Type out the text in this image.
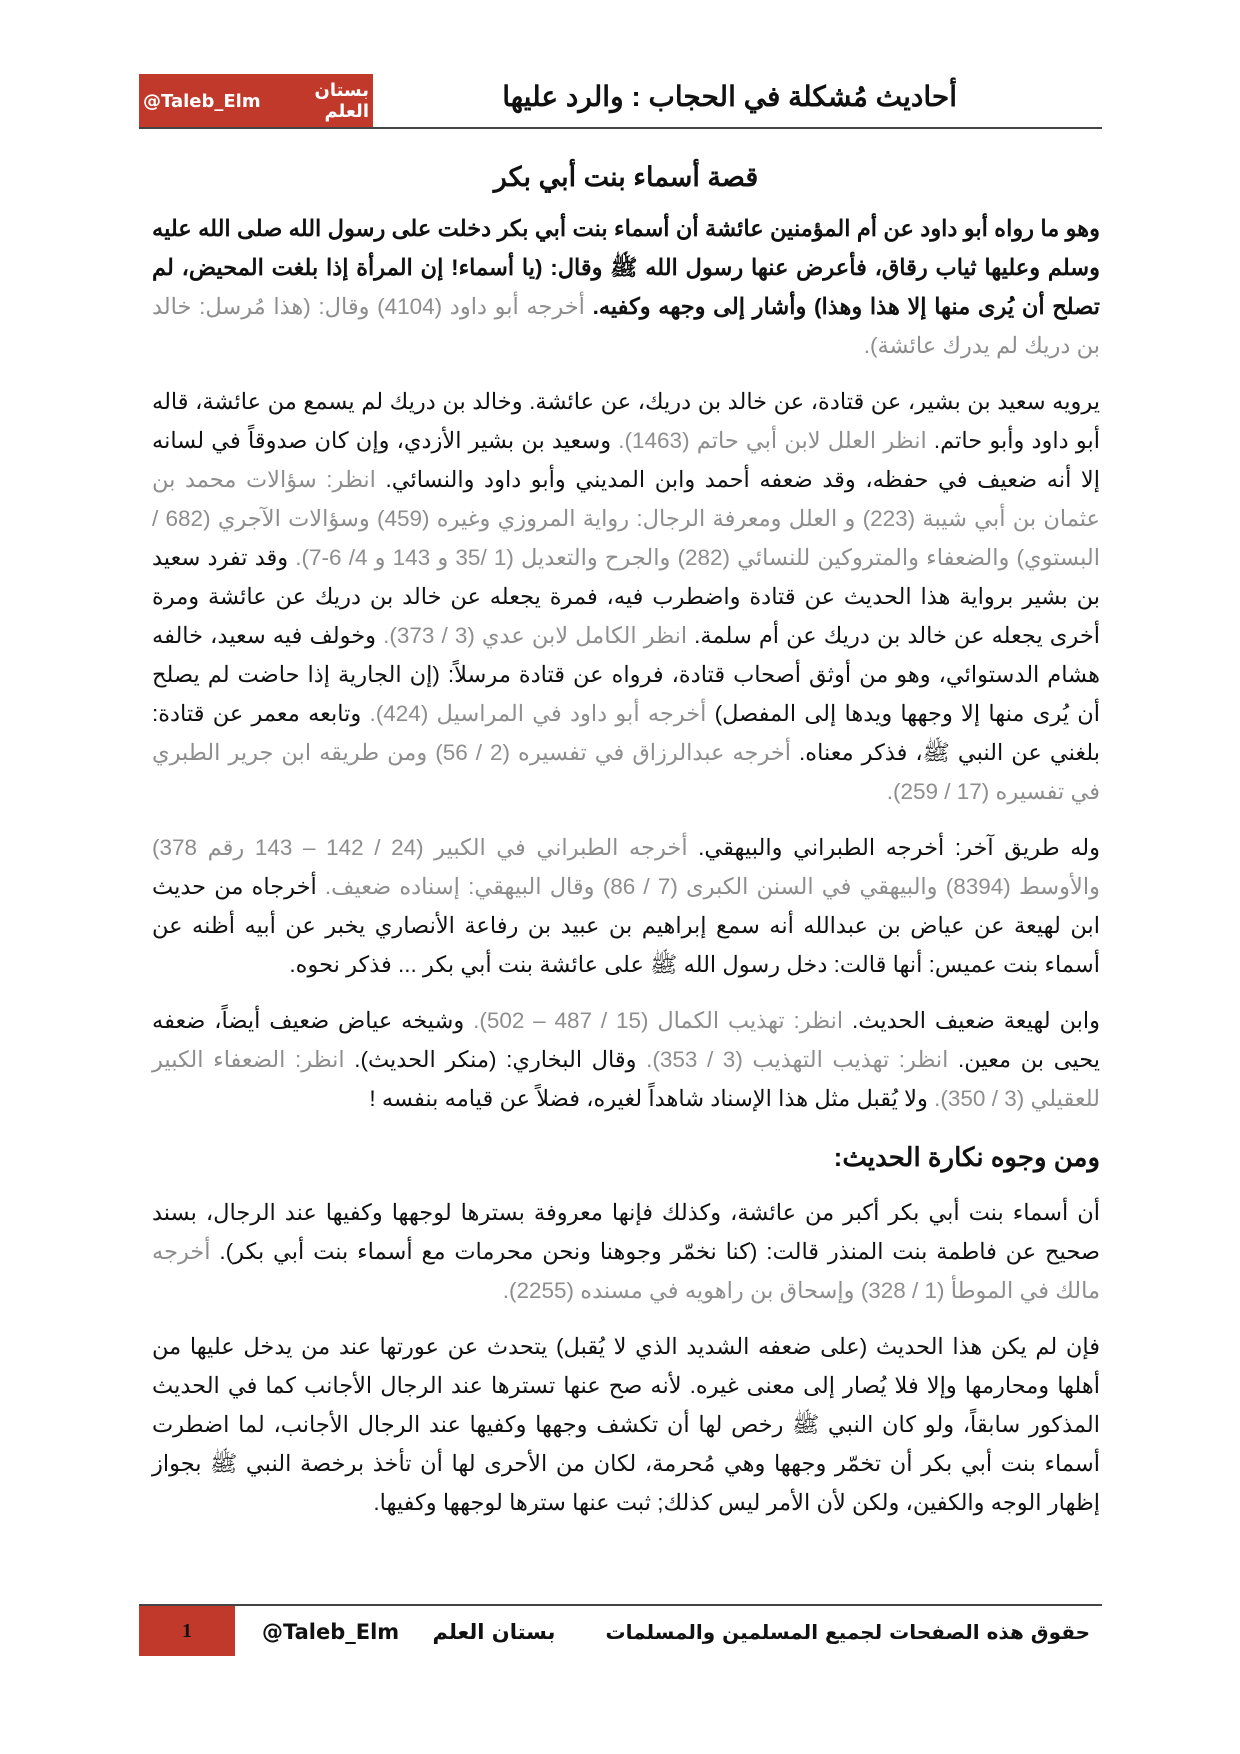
أحاديث مُشكلة في الحجاب : والرد عليها
بستان العلم
@Taleb_Elm
قصة أسماء بنت أبي بكر

وهو ما رواه أبو داود عن أم المؤمنين عائشة أن أسماء بنت أبي بكر دخلت على رسول الله صلى الله عليه وسلم وعليها ثياب رقاق، فأعرض عنها رسول الله ﷺ وقال: (يا أسماء! إن المرأة إذا بلغت المحيض، لم تصلح أن يُرى منها إلا هذا وهذا) وأشار إلى وجهه وكفيه. أخرجه أبو داود (4104) وقال: (هذا مُرسل: خالد بن دريك لم يدرك عائشة).

يرويه سعيد بن بشير، عن قتادة، عن خالد بن دريك، عن عائشة. وخالد بن دريك لم يسمع من عائشة، قاله أبو داود وأبو حاتم. انظر العلل لابن أبي حاتم (1463). وسعيد بن بشير الأزدي، وإن كان صدوقاً في لسانه إلا أنه ضعيف في حفظه، وقد ضعفه أحمد وابن المديني وأبو داود والنسائي. انظر: سؤالات محمد بن عثمان بن أبي شيبة (223) و العلل ومعرفة الرجال: رواية المروزي وغيره (459) وسؤالات الآجري (682 / البستوي) والضعفاء والمتروكين للنسائي (282) والجرح والتعديل (1 /35 و 143 و 4/ 6-7). وقد تفرد سعيد بن بشير برواية هذا الحديث عن قتادة واضطرب فيه، فمرة يجعله عن خالد بن دريك عن عائشة ومرة أخرى يجعله عن خالد بن دريك عن أم سلمة. انظر الكامل لابن عدي (3 / 373). وخولف فيه سعيد، خالفه هشام الدستوائي، وهو من أوثق أصحاب قتادة، فرواه عن قتادة مرسلاً: (إن الجارية إذا حاضت لم يصلح أن يُرى منها إلا وجهها ويدها إلى المفصل) أخرجه أبو داود في المراسيل (424). وتابعه معمر عن قتادة: بلغني عن النبي ﷺ، فذكر معناه. أخرجه عبدالرزاق في تفسيره (2 / 56) ومن طريقه ابن جرير الطبري في تفسيره (17 / 259).

وله طريق آخر: أخرجه الطبراني والبيهقي. أخرجه الطبراني في الكبير (24 / 142 – 143 رقم 378) والأوسط (8394) والبيهقي في السنن الكبرى (7 / 86) وقال البيهقي: إسناده ضعيف. أخرجاه من حديث ابن لهيعة عن عياض بن عبدالله أنه سمع إبراهيم بن عبيد بن رفاعة الأنصاري يخبر عن أبيه أظنه عن أسماء بنت عميس: أنها قالت: دخل رسول الله ﷺ على عائشة بنت أبي بكر ... فذكر نحوه.

وابن لهيعة ضعيف الحديث. انظر: تهذيب الكمال (15 / 487 – 502). وشيخه عياض ضعيف أيضاً، ضعفه يحيى بن معين. انظر: تهذيب التهذيب (3 / 353). وقال البخاري: (منكر الحديث). انظر: الضعفاء الكبير للعقيلي (3 / 350). ولا يُقبل مثل هذا الإسناد شاهداً لغيره، فضلاً عن قيامه بنفسه !

ومن وجوه نكارة الحديث:

أن أسماء بنت أبي بكر أكبر من عائشة، وكذلك فإنها معروفة بسترها لوجهها وكفيها عند الرجال، بسند صحيح عن فاطمة بنت المنذر قالت: (كنا نخمّر وجوهنا ونحن محرمات مع أسماء بنت أبي بكر). أخرجه مالك في الموطأ (1 / 328) وإسحاق بن راهويه في مسنده (2255).

فإن لم يكن هذا الحديث (على ضعفه الشديد الذي لا يُقبل) يتحدث عن عورتها عند من يدخل عليها من أهلها ومحارمها وإلا فلا يُصار إلى معنى غيره. لأنه صح عنها تسترها عند الرجال الأجانب كما في الحديث المذكور سابقاً، ولو كان النبي ﷺ رخص لها أن تكشف وجهها وكفيها عند الرجال الأجانب، لما اضطرت أسماء بنت أبي بكر أن تخمّر وجهها وهي مُحرمة، لكان من الأحرى لها أن تأخذ برخصة النبي ﷺ بجواز إظهار الوجه والكفين، ولكن لأن الأمر ليس كذلك; ثبت عنها سترها لوجهها وكفيها.

1	@Taleb_Elm بستان العلم	حقوق هذه الصفحات لجميع المسلمين والمسلمات
